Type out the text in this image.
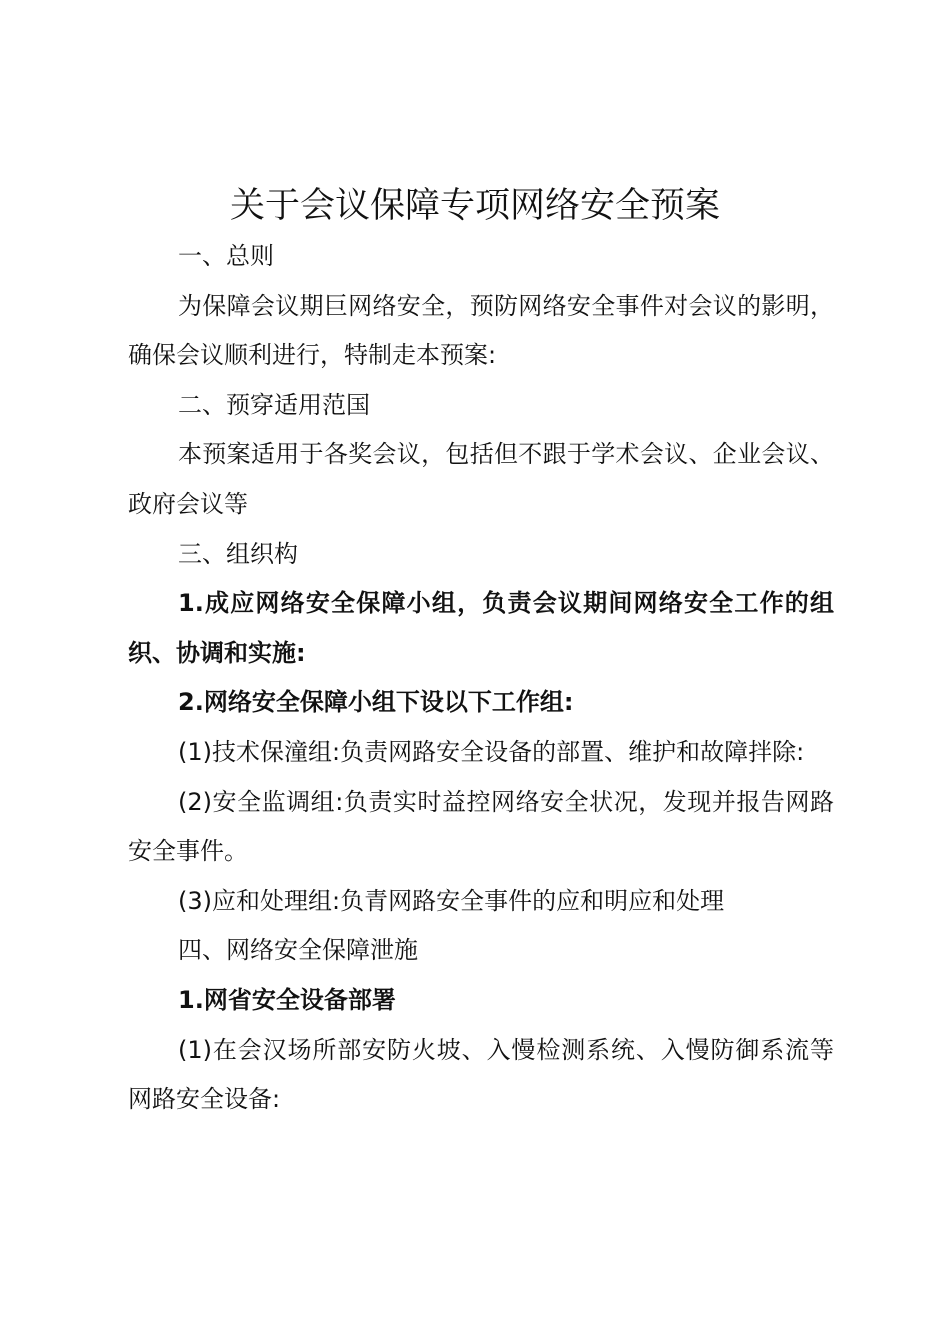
关于会议保障专项网络安全预案

一、总则

为保障会议期巨网络安全，预防网络安全事件对会议的影明，确保会议顺利进行，特制走本预案:

二、预穿适用范国

本预案适用于各奖会议，包括但不跟于学术会议、企业会议、政府会议等

三、组织构

1.成应网络安全保障小组，负责会议期间网络安全工作的组织、协调和实施:

2.网络安全保障小组下设以下工作组:

(1)技术保潼组:负责网路安全设备的部置、维护和故障拌除:

(2)安全监调组:负责实时益控网络安全状况，发现并报告网路安全事件。

(3)应和处理组:负青网路安全事件的应和明应和处理

四、网络安全保障泄施

1.网省安全设备部署

(1)在会汉场所部安防火坡、入慢检测系统、入慢防御系流等网路安全设备:
